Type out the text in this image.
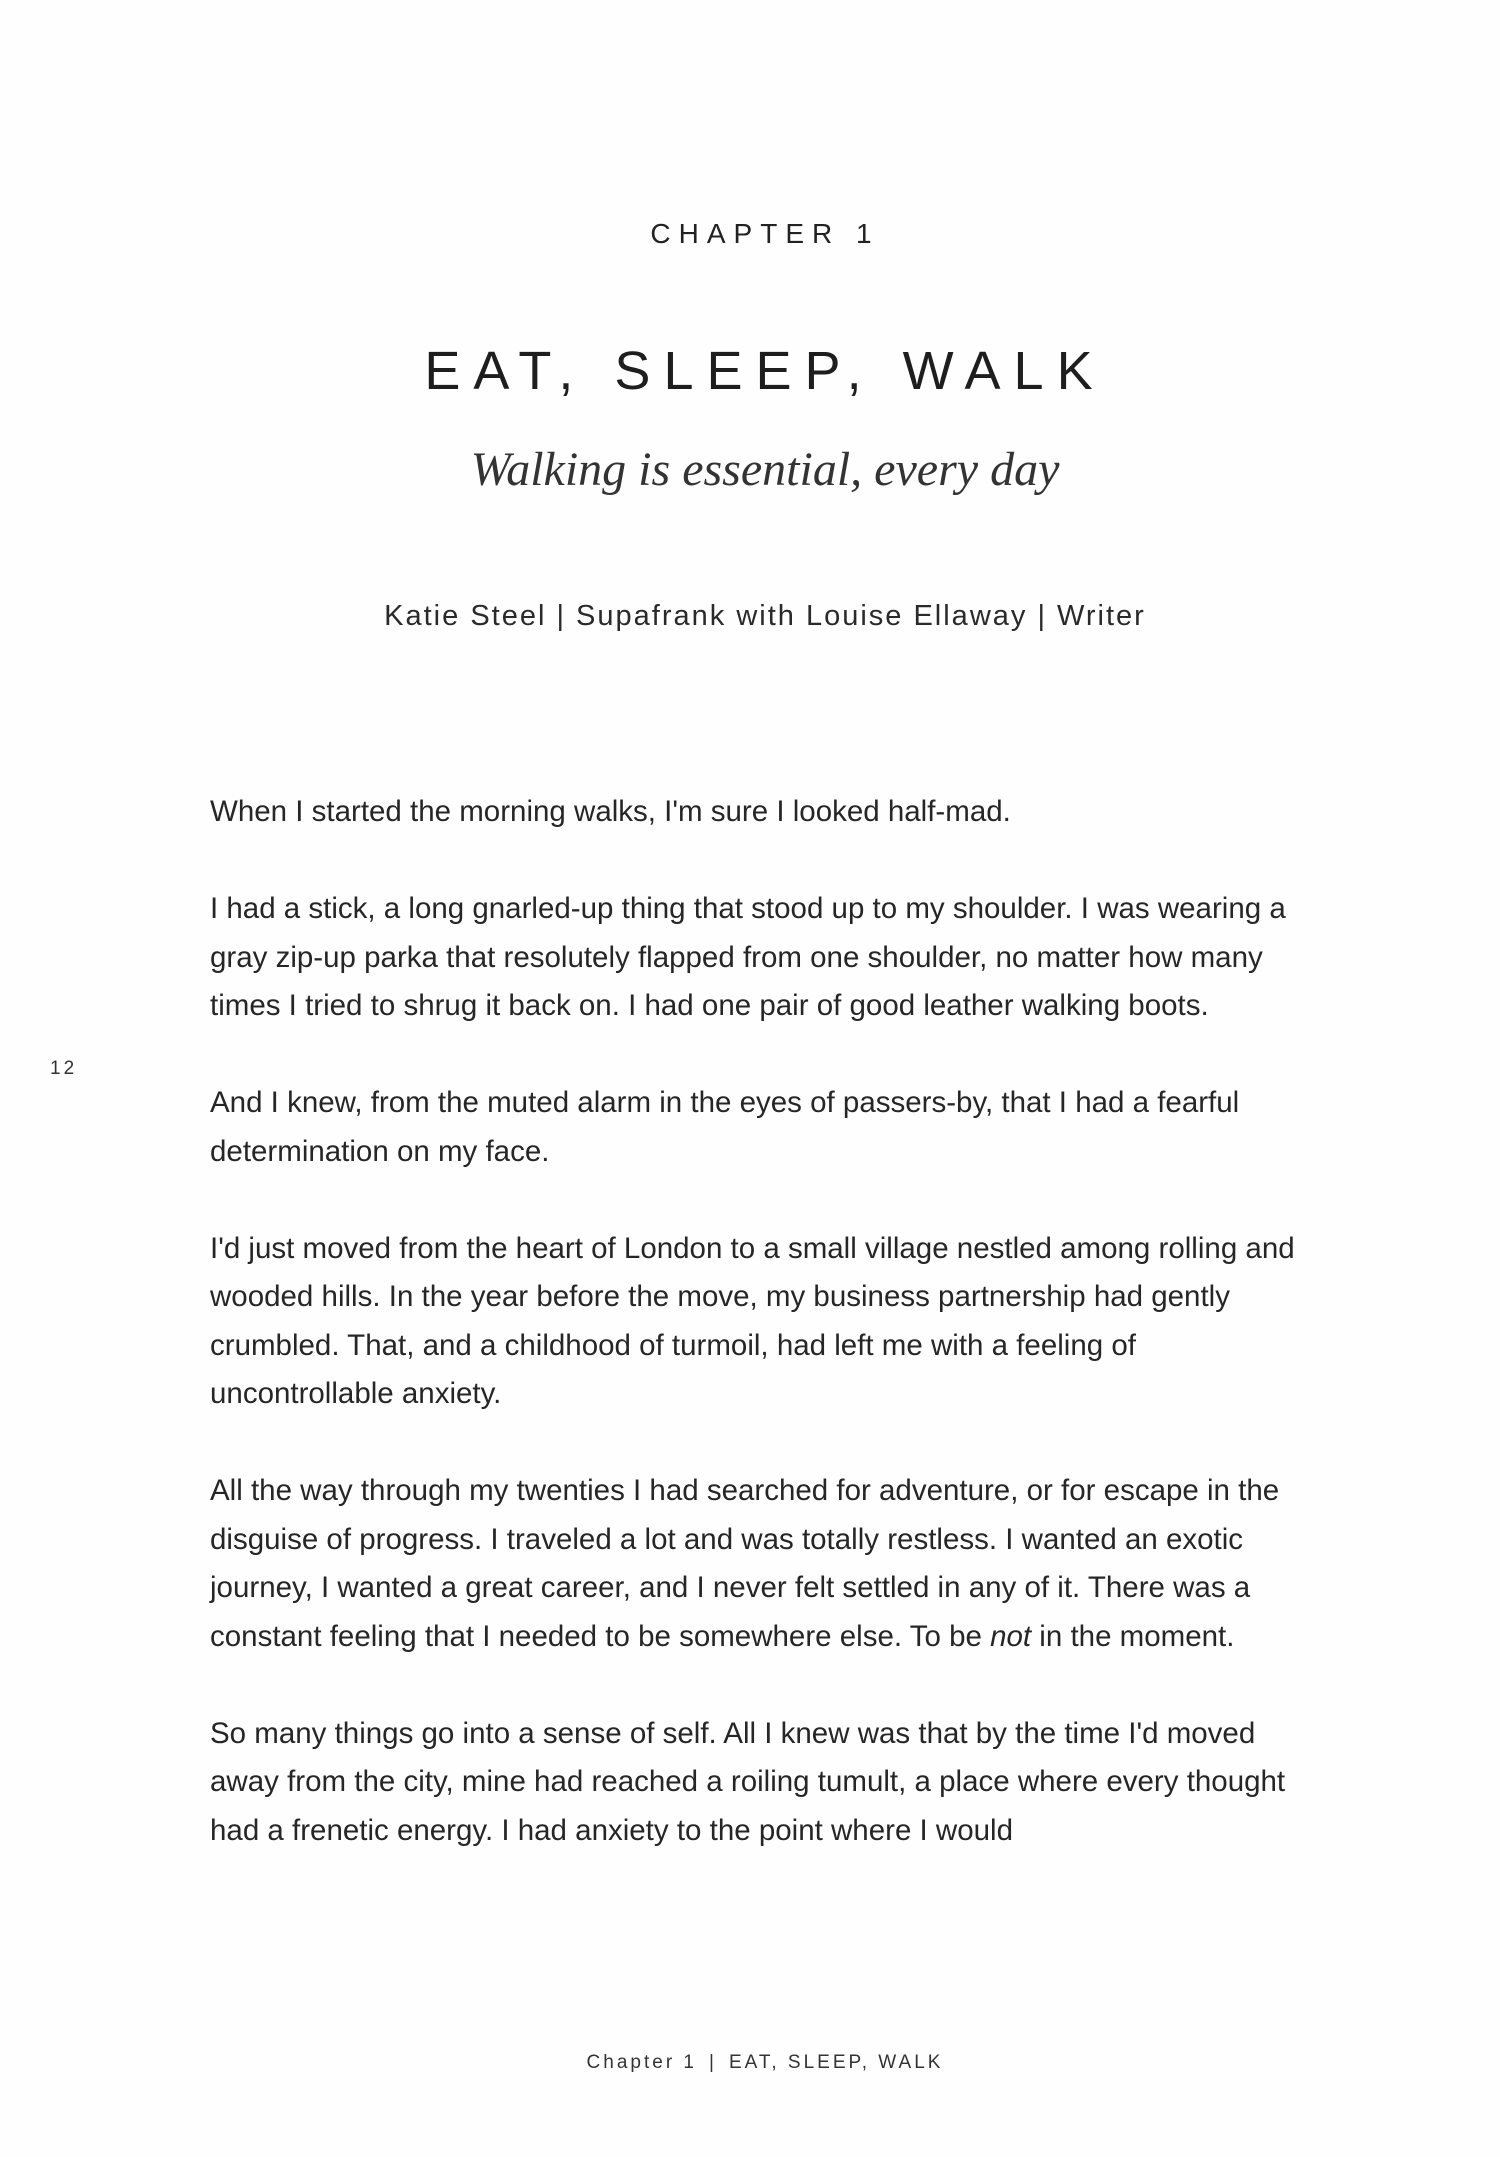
CHAPTER 1
EAT, SLEEP, WALK
Walking is essential, every day
Katie Steel | Supafrank with Louise Ellaway | Writer
12

When I started the morning walks, I'm sure I looked half-mad.

I had a stick, a long gnarled-up thing that stood up to my shoulder. I was wearing a gray zip-up parka that resolutely flapped from one shoulder, no matter how many times I tried to shrug it back on. I had one pair of good leather walking boots.

And I knew, from the muted alarm in the eyes of passers-by, that I had a fearful determination on my face.

I'd just moved from the heart of London to a small village nestled among rolling and wooded hills. In the year before the move, my business partnership had gently crumbled. That, and a childhood of turmoil, had left me with a feeling of uncontrollable anxiety.

All the way through my twenties I had searched for adventure, or for escape in the disguise of progress. I traveled a lot and was totally restless. I wanted an exotic journey, I wanted a great career, and I never felt settled in any of it. There was a constant feeling that I needed to be somewhere else. To be not in the moment.

So many things go into a sense of self. All I knew was that by the time I'd moved away from the city, mine had reached a roiling tumult, a place where every thought had a frenetic energy. I had anxiety to the point where I would

Chapter 1 | EAT, SLEEP, WALK
